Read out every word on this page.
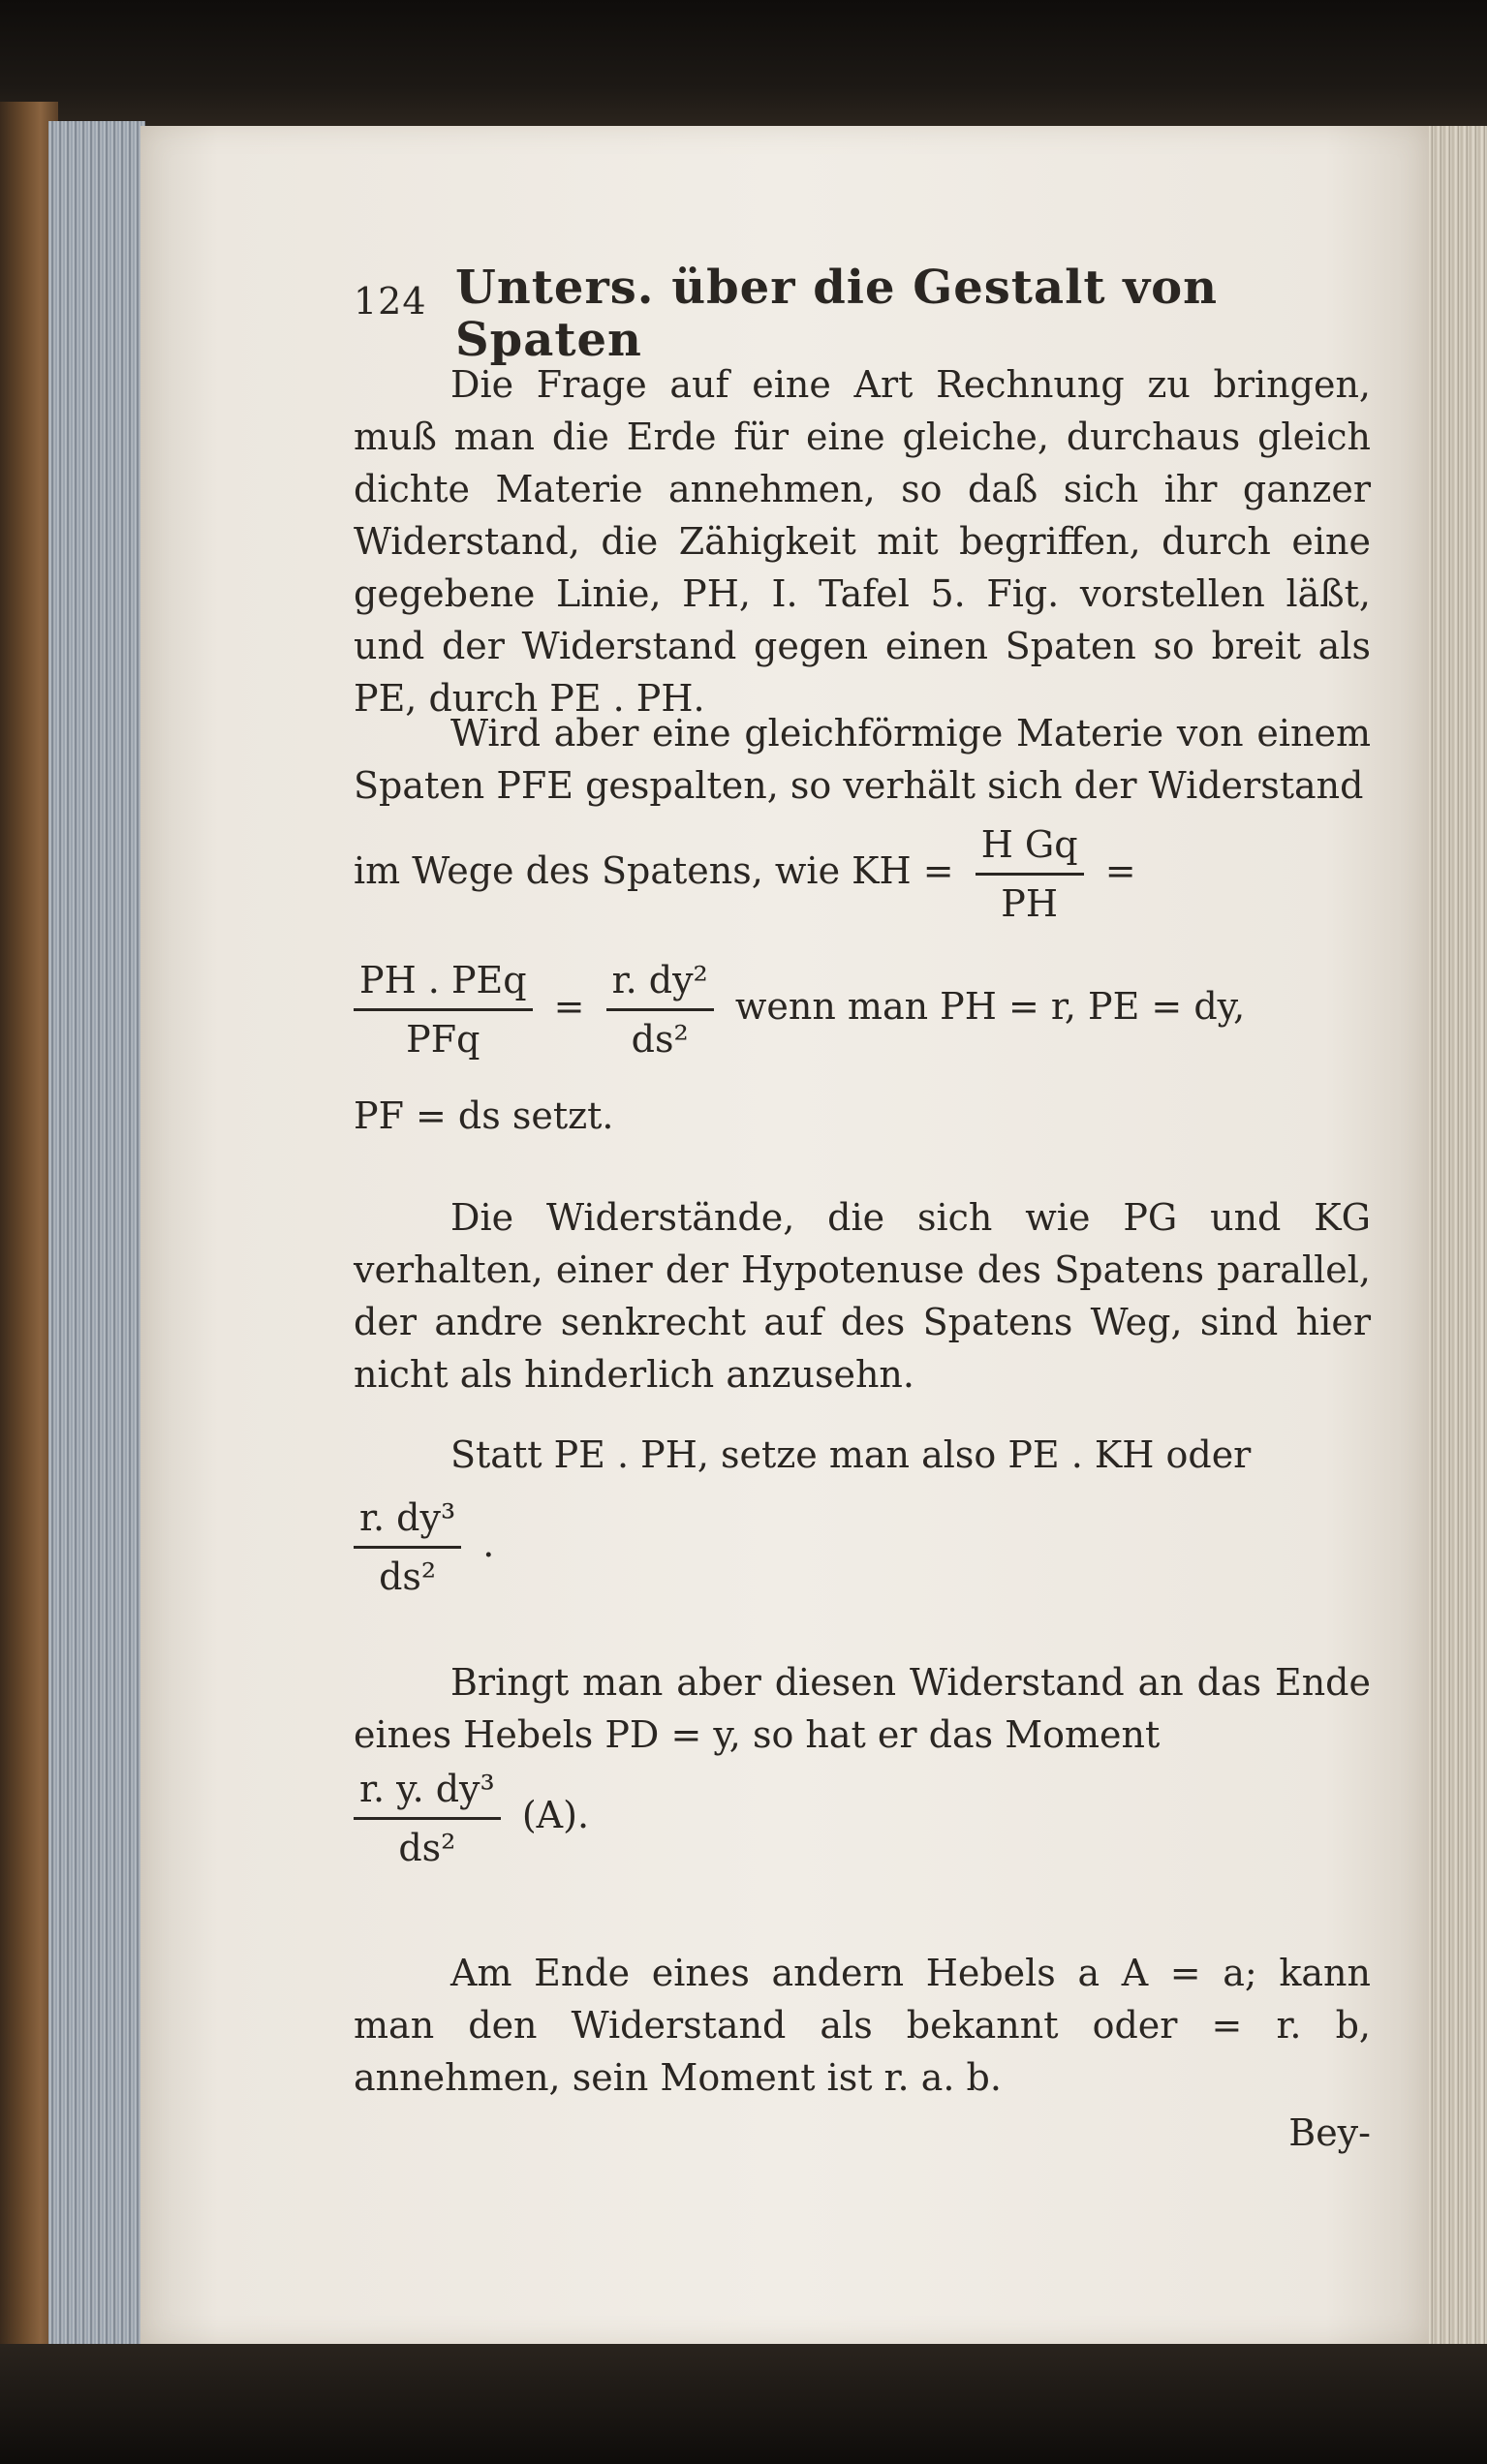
124 Unters. über die Gestalt von Spaten

Die Frage auf eine Art Rechnung zu bringen, muß man die Erde für eine gleiche, durchaus gleich dichte Materie annehmen, so daß sich ihr ganzer Widerstand, die Zähigkeit mit begriffen, durch eine gegebene Linie, PH, I. Tafel 5. Fig. vorstellen läßt, und der Widerstand gegen einen Spaten so breit als PE, durch PE . PH.

Wird aber eine gleichförmige Materie von einem Spaten PFE gespalten, so verhält sich der Widerstand

im Wege des Spatens, wie KH = $\frac{\text{H Gq}}{PH}$ =
$\frac{\text{PH . PEq}}{\text{PFq}} = \frac{\text{r. dy²}}{\text{ds²}}$ wenn man PH = r, PE = dy,
PF = ds setzt.

Die Widerstände, die sich wie PG und KG verhalten, einer der Hypotenuse des Spatens parallel, der andre senkrecht auf des Spatens Weg, sind hier nicht als hinderlich anzusehn.

Statt PE . PH, setze man also PE . KH oder

$\frac{\text{r. dy³}}{\text{ds²}}$ .

Bringt man aber diesen Widerstand an das Ende eines Hebels PD = y, so hat er das Moment

$\frac{\text{r. y. dy³}}{\text{ds²}} (A)$.

Am Ende eines andern Hebels a A = a; kann man den Widerstand als bekannt oder = r. b, annehmen, sein Moment ist r. a. b.

Bey-
